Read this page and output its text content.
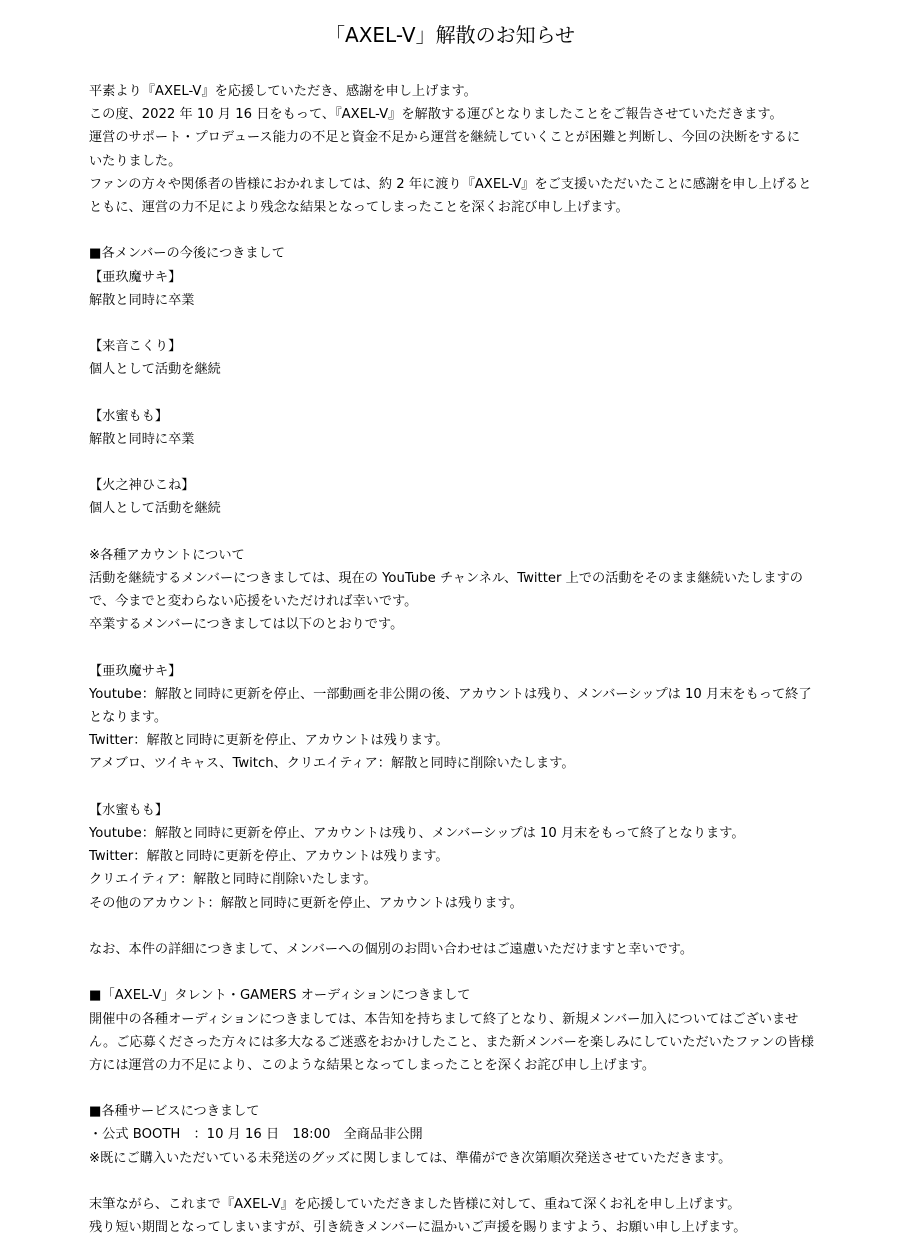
「AXEL-V」解散のお知らせ
平素より『AXEL-V』を応援していただき、感謝を申し上げます。
この度、2022 年 10 月 16 日をもって、『AXEL-V』を解散する運びとなりましたことをご報告させていただきます。
運営のサポート・プロデュース能力の不足と資金不足から運営を継続していくことが困難と判断し、今回の決断をするに
いたりました。
ファンの方々や関係者の皆様におかれましては、約 2 年に渡り『AXEL-V』をご支援いただいたことに感謝を申し上げると
ともに、運営の力不足により残念な結果となってしまったことを深くお詫び申し上げます。
■各メンバーの今後につきまして
【亜玖魔サキ】
解散と同時に卒業
【来音こくり】
個人として活動を継続
【水蜜もも】
解散と同時に卒業
【火之神ひこね】
個人として活動を継続
※各種アカウントについて
活動を継続するメンバーにつきましては、現在の YouTube チャンネル、Twitter 上での活動をそのまま継続いたしますの
で、今までと変わらない応援をいただければ幸いです。
卒業するメンバーにつきましては以下のとおりです。
【亜玖魔サキ】
Youtube：解散と同時に更新を停止、一部動画を非公開の後、アカウントは残り、メンバーシップは 10 月末をもって終了
となります。
Twitter：解散と同時に更新を停止、アカウントは残ります。
アメブロ、ツイキャス、Twitch、クリエイティア：解散と同時に削除いたします。
【水蜜もも】
Youtube：解散と同時に更新を停止、アカウントは残り、メンバーシップは 10 月末をもって終了となります。
Twitter：解散と同時に更新を停止、アカウントは残ります。
クリエイティア：解散と同時に削除いたします。
その他のアカウント：解散と同時に更新を停止、アカウントは残ります。
なお、本件の詳細につきまして、メンバーへの個別のお問い合わせはご遠慮いただけますと幸いです。
■「AXEL-V」タレント・GAMERS オーディションにつきまして
開催中の各種オーディションにつきましては、本告知を持ちまして終了となり、新規メンバー加入についてはございませ
ん。ご応募くださった方々には多大なるご迷惑をおかけしたこと、また新メンバーを楽しみにしていただいたファンの皆様
方には運営の力不足により、このような結果となってしまったことを深くお詫び申し上げます。
■各種サービスにつきまして
・公式 BOOTH　：10 月 16 日　18:00　全商品非公開
※既にご購入いただいている未発送のグッズに関しましては、準備ができ次第順次発送させていただきます。
末筆ながら、これまで『AXEL-V』を応援していただきました皆様に対して、重ねて深くお礼を申し上げます。
残り短い期間となってしまいますが、引き続きメンバーに温かいご声援を賜りますよう、お願い申し上げます。
